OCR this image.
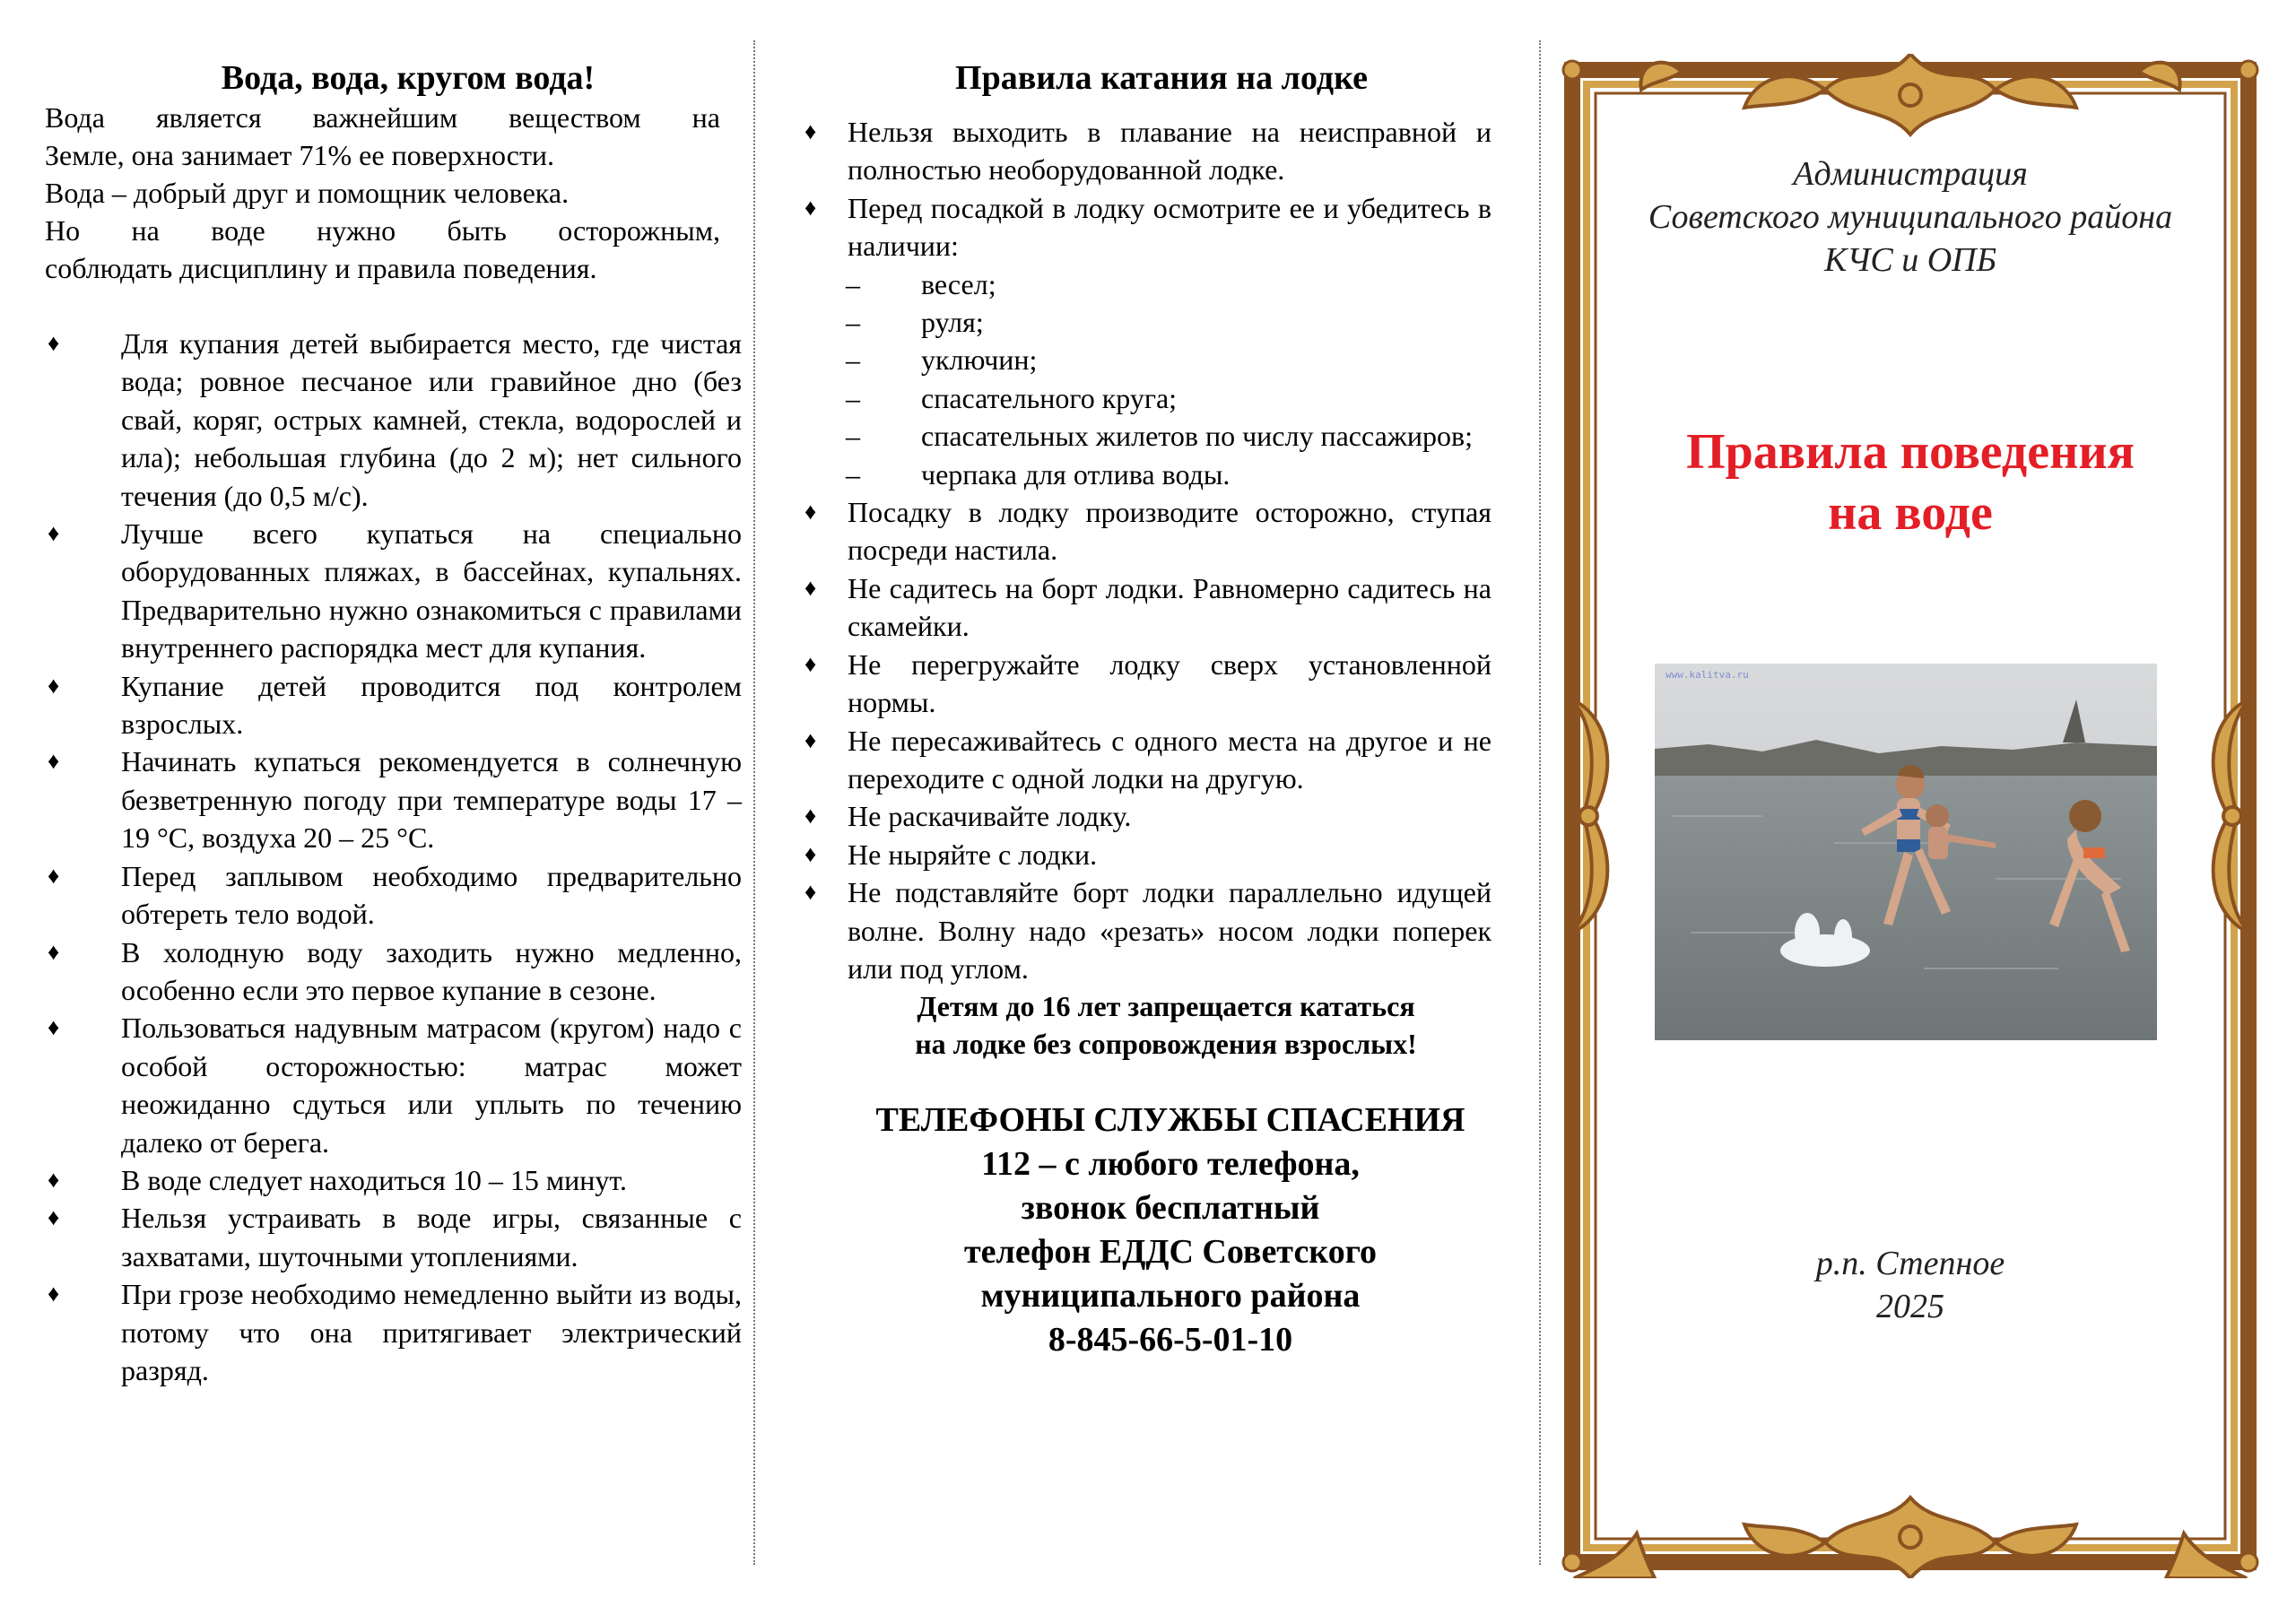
Вода, вода, кругом вода!

Вода является важнейшим веществом на

Земле, она занимает 71% ее поверхности.

Вода – добрый друг и помощник человека.

Но на воде нужно быть осторожным,

соблюдать дисциплину и правила поведения.

♦ Для купания детей выбирается место, где чистая вода; ровное песчаное или гравийное дно (без свай, коряг, острых камней, стекла, водорослей и ила); небольшая глубина (до 2 м); нет сильного течения (до 0,5 м/с).
♦ Лучше всего купаться на специально оборудованных пляжах, в бассейнах, купальнях. Предварительно нужно ознакомиться с правилами внутреннего распорядка мест для купания.
♦ Купание детей проводится под контролем взрослых.
♦ Начинать купаться рекомендуется в солнечную безветренную погоду при температуре воды 17 – 19 °С, воздуха 20 – 25 °С.
♦ Перед заплывом необходимо предварительно обтереть тело водой.
♦ В холодную воду заходить нужно медленно, особенно если это первое купание в сезоне.
♦ Пользоваться надувным матрасом (кругом) надо с особой осторожностью: матрас может неожиданно сдуться или уплыть по течению далеко от берега.
♦ В воде следует находиться 10 – 15 минут.
♦ Нельзя устраивать в воде игры, связанные с захватами, шуточными утоплениями.
♦ При грозе необходимо немедленно выйти из воды, потому что она притягивает электрический разряд.
Правила катания на лодке
♦ Нельзя выходить в плавание на неисправной и полностью необорудованной лодке.
♦ Перед посадкой в лодку осмотрите ее и убедитесь в наличии:
– весел;
– руля;
– уключин;
– спасательного круга;
– спасательных жилетов по числу пассажиров;
– черпака для отлива воды.
♦ Посадку в лодку производите осторожно, ступая посреди настила.
♦ Не садитесь на борт лодки. Равномерно садитесь на скамейки.
♦ Не перегружайте лодку сверх установленной нормы.
♦ Не пересаживайтесь с одного места на другое и не переходите с одной лодки на другую.
♦ Не раскачивайте лодку.
♦ Не ныряйте с лодки.
♦ Не подставляйте борт лодки параллельно идущей волне. Волну надо «резать» носом лодки поперек или под углом.
Детям до 16 лет запрещается кататься
на лодке без сопровождения взрослых!
ТЕЛЕФОНЫ СЛУЖБЫ СПАСЕНИЯ
112 – с любого телефона,
звонок бесплатный
телефон ЕДДС Советского
муниципального района
8-845-66-5-01-10
Администрация
Советского муниципального района
КЧС и ОПБ
Правила поведения
на воде
www.kalitva.ru
р.п. Степное
2025
